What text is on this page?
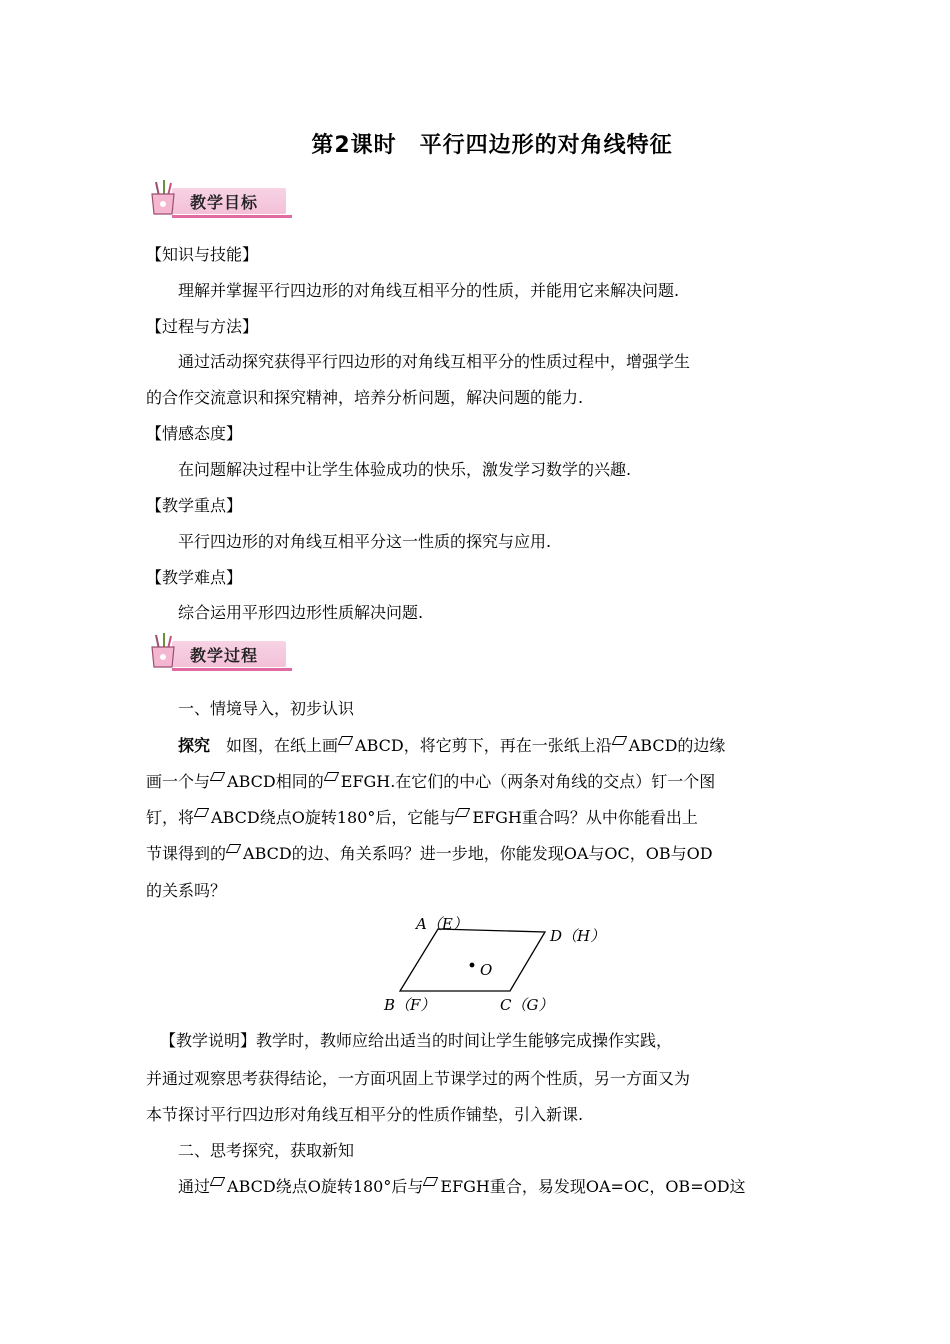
第2课时　平行四边形的对角线特征
教学目标
【知识与技能】
理解并掌握平行四边形的对角线互相平分的性质，并能用它来解决问题.
【过程与方法】
通过活动探究获得平行四边形的对角线互相平分的性质过程中，增强学生
的合作交流意识和探究精神，培养分析问题，解决问题的能力.
【情感态度】
在问题解决过程中让学生体验成功的快乐，激发学习数学的兴趣.
【教学重点】
平行四边形的对角线互相平分这一性质的探究与应用.
【教学难点】
综合运用平形四边形性质解决问题.
教学过程
一、情境导入，初步认识
探究　如图，在纸上画 ABCD，将它剪下，再在一张纸上沿 ABCD的边缘
画一个与 ABCD相同的 EFGH.在它们的中心（两条对角线的交点）钉一个图
钉，将 ABCD绕点O旋转180°后，它能与 EFGH重合吗？从中你能看出上
节课得到的 ABCD的边、角关系吗？进一步地，你能发现OA与OC，OB与OD
的关系吗？
A（E）
D（H）
B（F）	C（G）
O
【教学说明】教学时，教师应给出适当的时间让学生能够完成操作实践，
并通过观察思考获得结论，一方面巩固上节课学过的两个性质，另一方面又为
本节探讨平行四边形对角线互相平分的性质作铺垫，引入新课.
二、思考探究，获取新知
通过 ABCD绕点O旋转180°后与 EFGH重合，易发现OA=OC，OB=OD这
